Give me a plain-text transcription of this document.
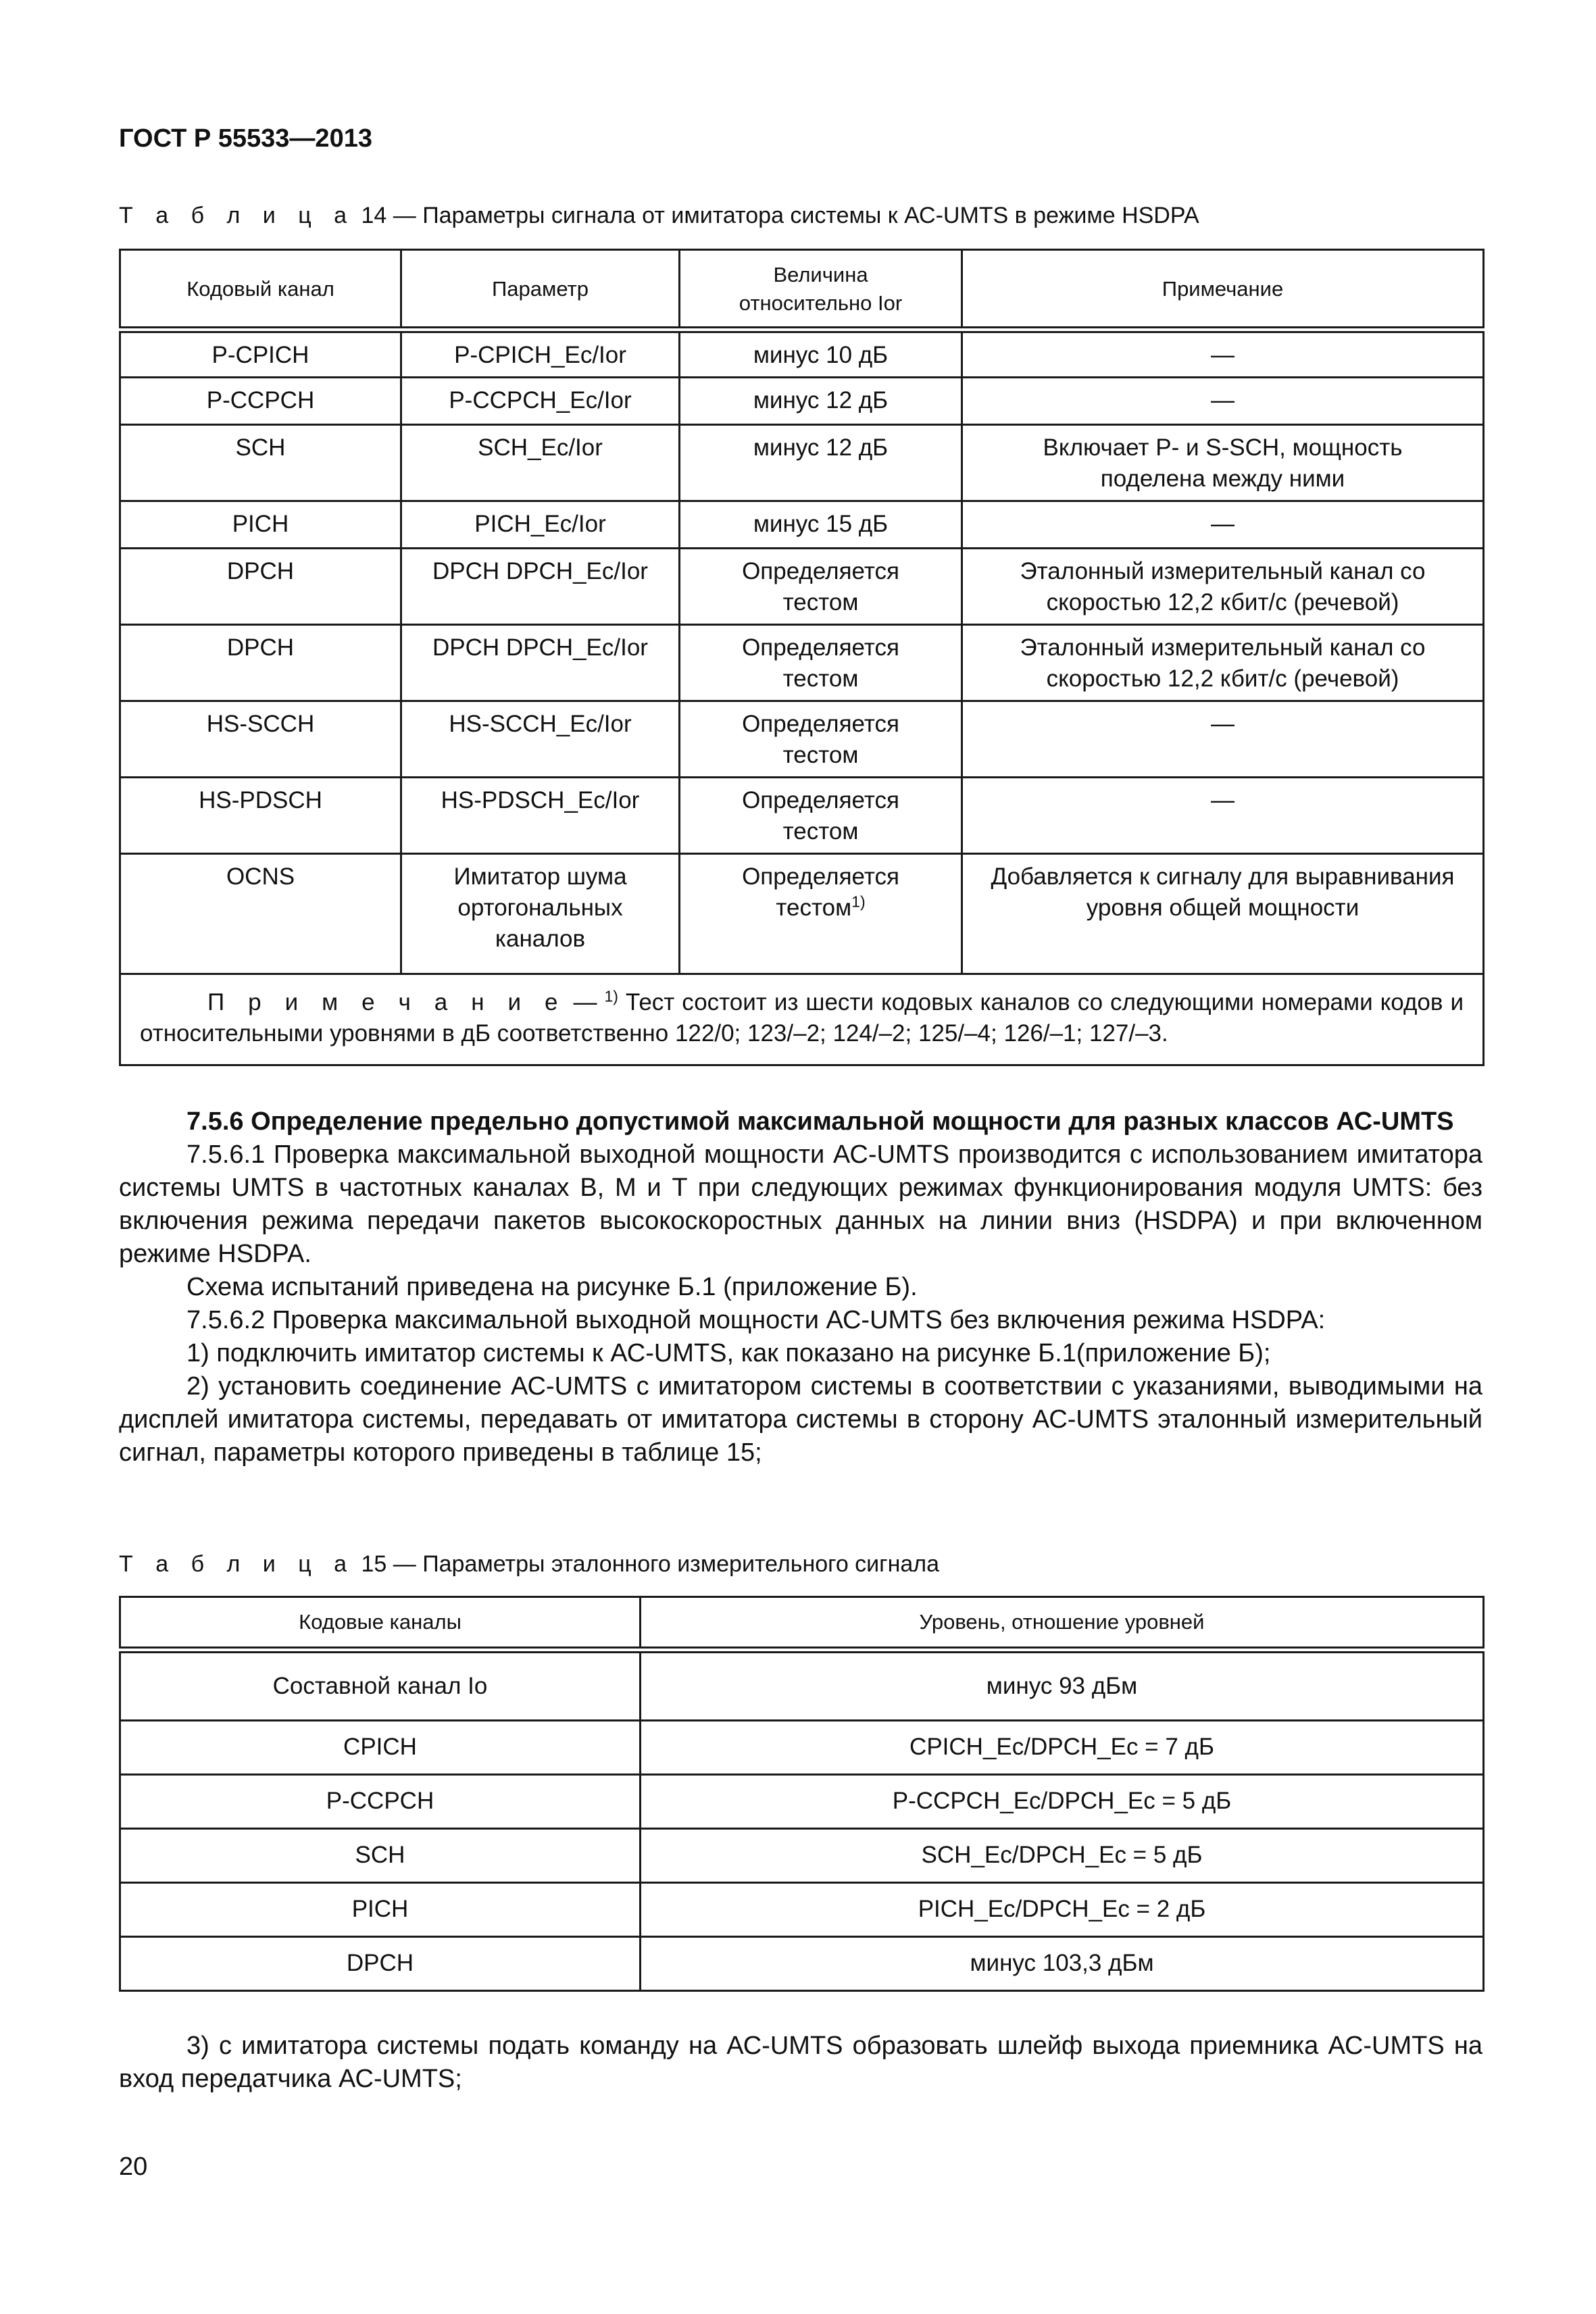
ГОСТ Р 55533—2013
Т а б л и ц а 14 — Параметры сигнала от имитатора системы к АС-UMTS в режиме HSDPA
Кодовый канал	Параметр	Величина относительно Ior	Примечание
P-CPICH	P-CPICH_Ec/Ior	минус 10 дБ	—
P-CCPCH	P-CCPCH_Ec/Ior	минус 12 дБ	—
SCH	SCH_Ec/Ior	минус 12 дБ	Включает P- и S-SCH, мощность поделена между ними
PICH	PICH_Ec/Ior	минус 15 дБ	—
DPCH	DPCH DPCH_Ec/Ior	Определяется тестом	Эталонный измерительный канал со скоростью 12,2 кбит/с (речевой)
DPCH	DPCH DPCH_Ec/Ior	Определяется тестом	Эталонный измерительный канал со скоростью 12,2 кбит/с (речевой)
HS-SCCH	HS-SCCH_Ec/Ior	Определяется тестом	—
HS-PDSCH	HS-PDSCH_Ec/Ior	Определяется тестом	—
OCNS	Имитатор шума ортогональных каналов	Определяется тестом$^{1)}$	Добавляется к сигналу для выравнивания уровня общей мощности
П р и м е ч а н и е — $^{1)}$ Тест состоит из шести кодовых каналов со следующими номерами кодов и относительными уровнями в дБ соответственно 122/0; 123/–2; 124/–2; 125/–4; 126/–1; 127/–3.			

7.5.6 Определение предельно допустимой максимальной мощности для разных классов АС-UMTS

7.5.6.1 Проверка максимальной выходной мощности АС-UMTS производится с использованием имитатора системы UMTS в частотных каналах B, M и T при следующих режимах функционирования модуля UMTS: без включения режима передачи пакетов высокоскоростных данных на линии вниз (HSDPA) и при включенном режиме HSDPA.

Схема испытаний приведена на рисунке Б.1 (приложение Б).

7.5.6.2 Проверка максимальной выходной мощности АС-UMTS без включения режима HSDPA:

1) подключить имитатор системы к АС-UMTS, как показано на рисунке Б.1(приложение Б);

2) установить соединение АС-UMTS с имитатором системы в соответствии с указаниями, выводимыми на дисплей имитатора системы, передавать от имитатора системы в сторону АС-UMTS эталонный измерительный сигнал, параметры которого приведены в таблице 15;

Т а б л и ц а 15 — Параметры эталонного измерительного сигнала
Кодовые каналы	Уровень, отношение уровней
Составной канал Io	минус 93 дБм
CPICH	CPICH_Ec/DPCH_Ec = 7 дБ
P-CCPCH	P-CCPCH_Ec/DPCH_Ec = 5 дБ
SCH	SCH_Ec/DPCH_Ec = 5 дБ
PICH	PICH_Ec/DPCH_Ec = 2 дБ
DPCH	минус 103,3 дБм

3) с имитатора системы подать команду на АС-UMTS образовать шлейф выхода приемника АС-UMTS на вход передатчика АС-UMTS;

20
